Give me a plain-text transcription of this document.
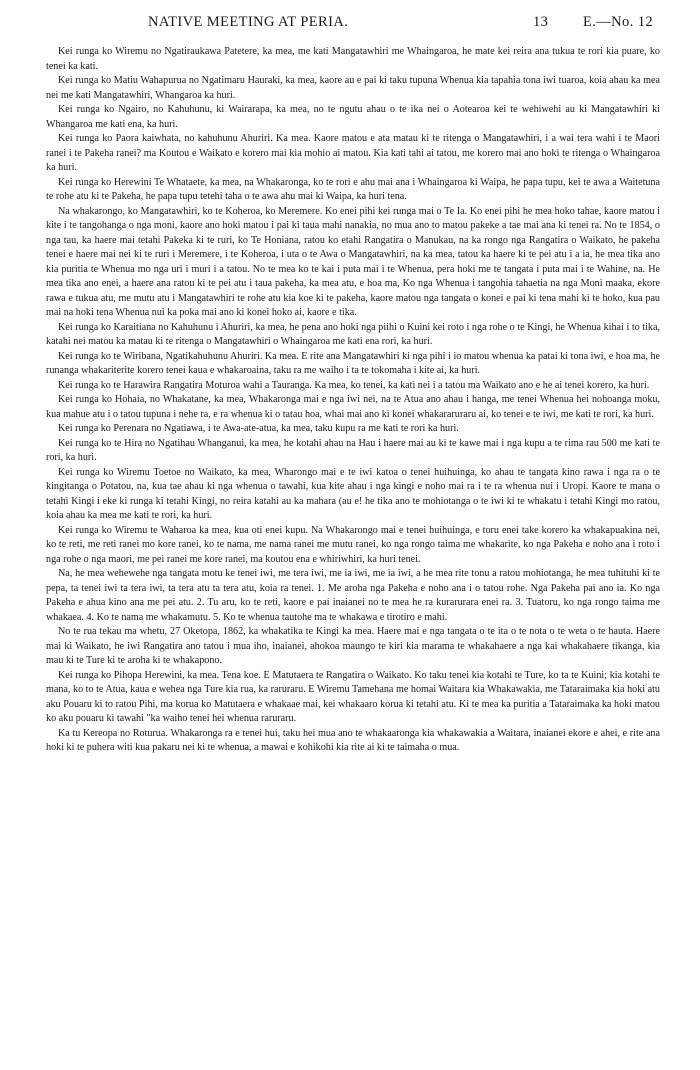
NATIVE MEETING AT PERIA.	13 E.—No. 12

Kei runga ko Wiremu no Ngatiraukawa Patetere, ka mea, me kati Mangatawhiri me Whaingaroa, he mate kei reira ana tukua te rori kia puare, ko tenei ka kati.

Kei runga ko Matiu Wahapurua no Ngatimaru Hauraki, ka mea, kaore au e pai ki taku tupuna Whenua kia tapahia tona iwi tuaroa, koia ahau ka mea nei me kati Mangatawhiri, Whangaroa ka huri.

Kei runga ko Ngairo, no Kahuhunu, ki Wairarapa, ka mea, no te ngutu ahau o te ika nei o Aotearoa kei te wehiwehi au ki Mangatawhiri ki Whangaroa me kati ena, ka huri.

Kei runga ko Paora kaiwhata, no kahuhunu Ahuriri. Ka mea. Kaore matou e ata matau ki te ritenga o Mangatawhiri, i a wai tera wahi i te Maori ranei i te Pakeha ranei? ma Koutou e Waikato e korero mai kia mohio ai matou. Kia kati tahi ai tatou, me korero mai ano hoki te ritenga o Whaingaroa ka huri.

Kei runga ko Herewini Te Whataete, ka mea, na Whakaronga, ko te rori e ahu mai ana i Whaingaroa ki Waipa, he papa tupu, kei te awa a Waitetuna te rohe atu ki te Pakeha, he papa tupu tetehi taha o te awa ahu mai ki Waipa, ka huri tena.

Na whakarongo, ko Mangatawhiri, ko te Koheroa, ko Meremere. Ko enei pihi kei runga mai o Te Ia. Ko enei pihi he mea hoko tahae, kaore matou i kite i te tangohanga o nga moni, kaore ano hoki matou i pai ki taua mahi nanakia, no mua ano to matou pakeke a tae mai ana ki tenei ra. No te 1854, o nga tau, ka haere mai tetahi Pakeka ki te ruri, ko Te Honiana, ratou ko etahi Rangatira o Manukau, na ka rongo nga Rangatira o Waikato, he pakeha tenei e haere mai nei ki te ruri i Meremere, i te Koheroa, i uta o te Awa o Mangatawhiri, na ka mea, tatou ka haere ki te pei atu i a ia, he mea tika ano kia puritia te Whenua mo nga uri i muri i a tatou. No te mea ko te kai i puta mai i te Whenua, pera hoki me te tangata i puta mai i te Wahine, na. He mea tika ano enei, a haere ana ratou ki te pei atu i taua pakeha, ka mea atu, e hoa ma, Ko nga Whenua i tangohia tahaetia na nga Moni maaka, ekore rawa e tukua atu, me mutu atu i Mangatawhiri te rohe atu kia koe ki te pakeha, kaore matou nga tangata o konei e pai ki tena mahi ki te hoko, kua pau mai na hoki tena Whenua nui ka poka mai ano ki konei hoko ai, kaore e tika.

Kei runga ko Karaitiana no Kahuhunu i Ahuriri, ka mea, he pena ano hoki nga piihi o Kuini kei roto i nga rohe o te Kingi, he Whenua kihai i to tika, katahi nei matou ka matau ki te ritenga o Mangatawhiri o Whaingaroa me kati ena rori, ka huri.

Kei runga ko te Wiribana, Ngatikahuhunu Ahuriri. Ka mea. E rite ana Mangatawhiri ki nga pihi i io matou whenua ka patai ki tona iwi, e hoa ma, he runanga whakariterite korero tenei kaua e whakaroaina, taku ra me waiho i ta te tokomaha i kite ai, ka huri.

Kei runga ko te Harawira Rangatira Moturoa wahi a Tauranga. Ka mea, ko tenei, ka kati nei i a tatou ma Waikato ano e he ai tenei korero, ka huri.

Kei runga ko Hohaia, no Whakatane, ka mea, Whakaronga mai e nga iwi nei, na te Atua ano ahau i hanga, me tenei Whenua hei nohoanga moku, kua mahue atu i o tatou tupuna i nehe ra, e ra whenua ki o tatau hoa, whai mai ano ki konei whakararuraru ai, ko tenei e te iwi, me kati te rori, ka huri.

Kei runga ko Perenara no Ngatiawa, i te Awa-ate-atua, ka mea, taku kupu ra me kati te rori ka huri.

Kei runga ko te Hira no Ngatihau Whanganui, ka mea, he kotahi ahau na Hau i haere mai au ki te kawe mai i nga kupu a te rima rau 500 me kati te rori, ka huri.

Kei runga ko Wiremu Toetoe no Waikato, ka mea, Wharongo mai e te iwi katoa o tenei huihuinga, ko ahau te tangata kino rawa i nga ra o te kingitanga o Potatou, na, kua tae ahau ki nga whenua o tawahi, kua kite ahau i nga kingi e noho mai ra i te ra whenua nui i Uropi. Kaore te mana o tetahi Kingi i eke ki runga ki tetahi Kingi, no reira katahi au ka mahara (au e! he tika ano te mohiotanga o te iwi ki te whakatu i tetahi Kingi mo ratou, koia ahau ka mea me kati te rori, ka huri.

Kei runga ko Wiremu te Waharoa ka mea, kua oti enei kupu. Na Whakarongo mai e tenei huihuinga, e toru enei take korero ka whakapuakina nei, ko te reti, me reti ranei mo kore ranei, ko te nama, me nama ranei me mutu ranei, ko nga rongo taima me whakarite, ko nga Pakeha e noho ana i roto i nga rohe o nga maori, me pei ranei me kore ranei, ma koutou ena e whiriwhiri, ka huri tenei.

Na, he mea wehewehe nga tangata motu ke tenei iwi, me tera iwi, me ia iwi, me ia iwi, a he mea rite tonu a ratou mohiotanga, he mea tuhituhi ki te pepa, ta tenei iwi ta tera iwi, ta tera atu ta tera atu, koia ra tenei. 1. Me aroha nga Pakeha e noho ana i o tatou rohe. Nga Pakeha pai ano ia. Ko nga Pakeha e ahua kino ana me pei atu. 2. Tu aru, ko te reti, kaore e pai inaianei no te mea he ra kurarurara enei ra. 3. Tuatoru, ko nga rongo taima me whakaea. 4. Ko te nama me whakamutu. 5. Ko te whenua tautohe ma te whakawa e tirotiro e mahi.

No te rua tekau ma whetu, 27 Oketopa, 1862, ka whakatika te Kingi ka mea. Haere mai e nga tangata o te ita o te nota o te weta o te hauta. Haere mai ki Waikato, he iwi Rangatira ano tatou i mua iho, inaianei, ahokoa maungo te kiri kia marama te whakahaere a nga kai whakahaere tikanga, kia mau ki te Ture ki te aroha ki te whakapono.

Kei runga ko Pihopa Herewini, ka mea. Tena koe. E Matutaera te Rangatira o Waikato. Ko taku tenei kia kotahi te Ture, ko ta te Kuini; kia kotahi te mana, ko to te Atua, kaua e wehea nga Ture kia rua, ka raruraru. E Wiremu Tamehana me homai Waitara kia Whakawakia, me Tataraimaka kia hoki atu aku Pouaru ki to ratou Pihi, ma korua ko Matutaera e whakaae mai, kei whakaaro korua ki tetahi atu. Ki te mea ka puritia a Tataraimaka ka hoki matou ko aku pouaru ki tawahi "ka waiho tenei hei whenua raruraru.

Ka tu Kereopa no Roturua. Whakaronga ra e tenei hui, taku hei mua ano te whakaaronga kia whakawakia a Waitara, inaianei ekore e ahei, e rite ana hoki ki te puhera witi kua pakaru nei ki te whenua, a mawai e kohikohi kia rite ai ki te taimaha o mua.
